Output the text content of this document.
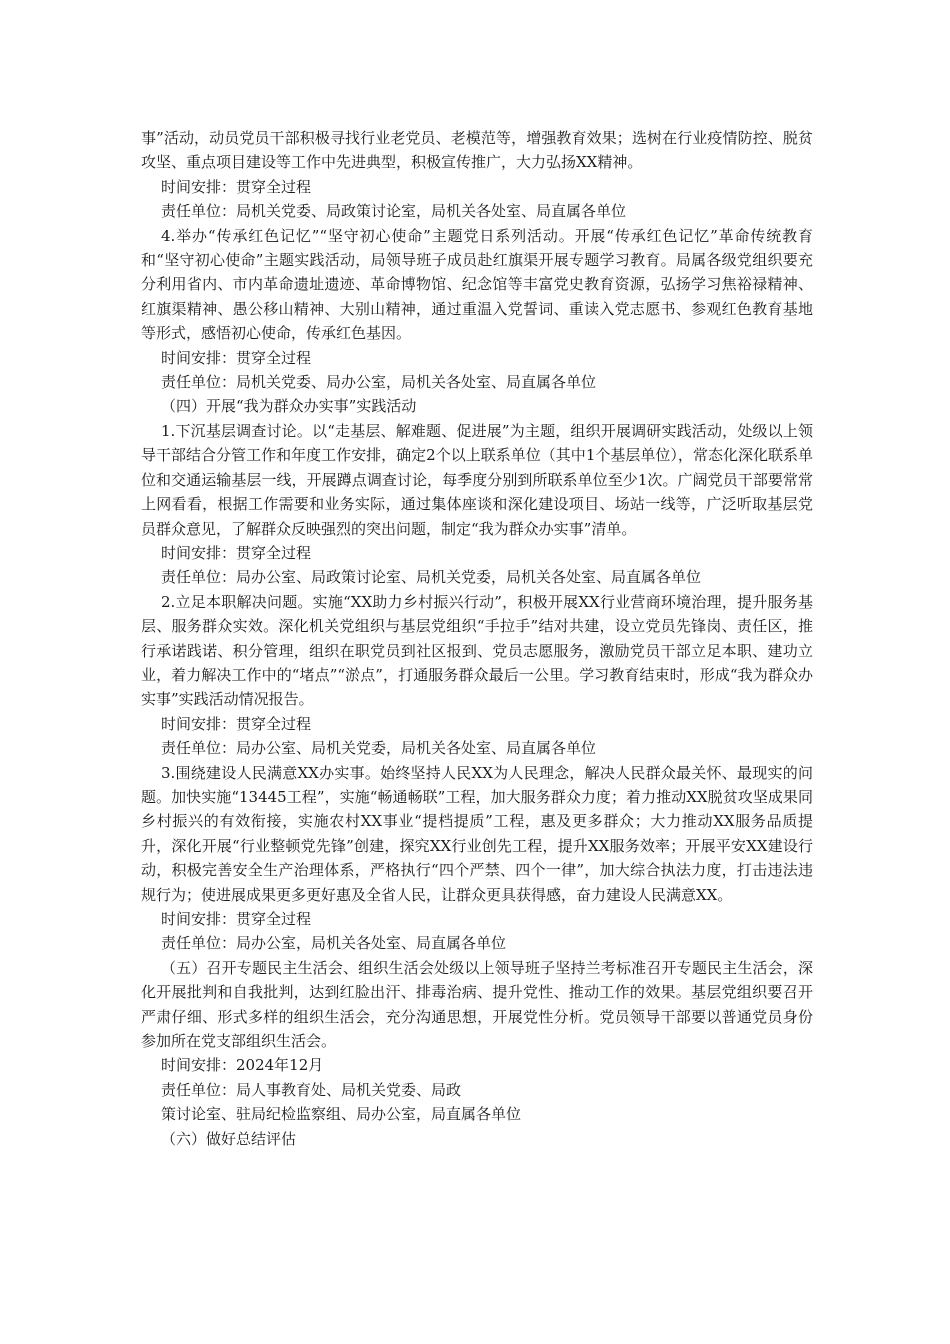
事”活动，动员党员干部积极寻找行业老党员、老模范等，增强教育效果；选树在行业疫情防控、脱贫攻坚、重点项目建设等工作中先进典型，积极宣传推广，大力弘扬XX精神。

时间安排：贯穿全过程

责任单位：局机关党委、局政策讨论室，局机关各处室、局直属各单位

4.举办“传承红色记忆”“坚守初心使命”主题党日系列活动。开展“传承红色记忆”革命传统教育和“坚守初心使命”主题实践活动，局领导班子成员赴红旗渠开展专题学习教育。局属各级党组织要充分利用省内、市内革命遗址遗迹、革命博物馆、纪念馆等丰富党史教育资源，弘扬学习焦裕禄精神、红旗渠精神、愚公移山精神、大别山精神，通过重温入党誓词、重读入党志愿书、参观红色教育基地等形式，感悟初心使命，传承红色基因。

时间安排：贯穿全过程

责任单位：局机关党委、局办公室，局机关各处室、局直属各单位

（四）开展“我为群众办实事”实践活动

1.下沉基层调查讨论。以“走基层、解难题、促进展”为主题，组织开展调研实践活动，处级以上领导干部结合分管工作和年度工作安排，确定2个以上联系单位（其中1个基层单位），常态化深化联系单位和交通运输基层一线，开展蹲点调查讨论，每季度分别到所联系单位至少1次。广阔党员干部要常常上网看看，根据工作需要和业务实际，通过集体座谈和深化建设项目、场站一线等，广泛听取基层党员群众意见，了解群众反映强烈的突出问题，制定“我为群众办实事”清单。

时间安排：贯穿全过程

责任单位：局办公室、局政策讨论室、局机关党委，局机关各处室、局直属各单位

2.立足本职解决问题。实施“XX助力乡村振兴行动”，积极开展XX行业营商环境治理，提升服务基层、服务群众实效。深化机关党组织与基层党组织“手拉手”结对共建，设立党员先锋岗、责任区，推行承诺践诺、积分管理，组织在职党员到社区报到、党员志愿服务，激励党员干部立足本职、建功立业，着力解决工作中的“堵点”“淤点”，打通服务群众最后一公里。学习教育结束时，形成“我为群众办实事”实践活动情况报告。

时间安排：贯穿全过程

责任单位：局办公室、局机关党委，局机关各处室、局直属各单位

3.围绕建设人民满意XX办实事。始终坚持人民XX为人民理念，解决人民群众最关怀、最现实的问题。加快实施“13445工程”，实施“畅通畅联”工程，加大服务群众力度；着力推动XX脱贫攻坚成果同乡村振兴的有效衔接，实施农村XX事业“提档提质”工程，惠及更多群众；大力推动XX服务品质提升，深化开展“行业整顿党先锋”创建，探究XX行业创先工程，提升XX服务效率；开展平安XX建设行动，积极完善安全生产治理体系，严格执行“四个严禁、四个一律”，加大综合执法力度，打击违法违规行为；使进展成果更多更好惠及全省人民，让群众更具获得感，奋力建设人民满意XX。

时间安排：贯穿全过程

责任单位：局办公室，局机关各处室、局直属各单位

（五）召开专题民主生活会、组织生活会处级以上领导班子坚持兰考标准召开专题民主生活会，深化开展批判和自我批判，达到红脸出汗、排毒治病、提升党性、推动工作的效果。基层党组织要召开严肃仔细、形式多样的组织生活会，充分沟通思想，开展党性分析。党员领导干部要以普通党员身份参加所在党支部组织生活会。

时间安排：2024年12月

责任单位：局人事教育处、局机关党委、局政

策讨论室、驻局纪检监察组、局办公室，局直属各单位

（六）做好总结评估
